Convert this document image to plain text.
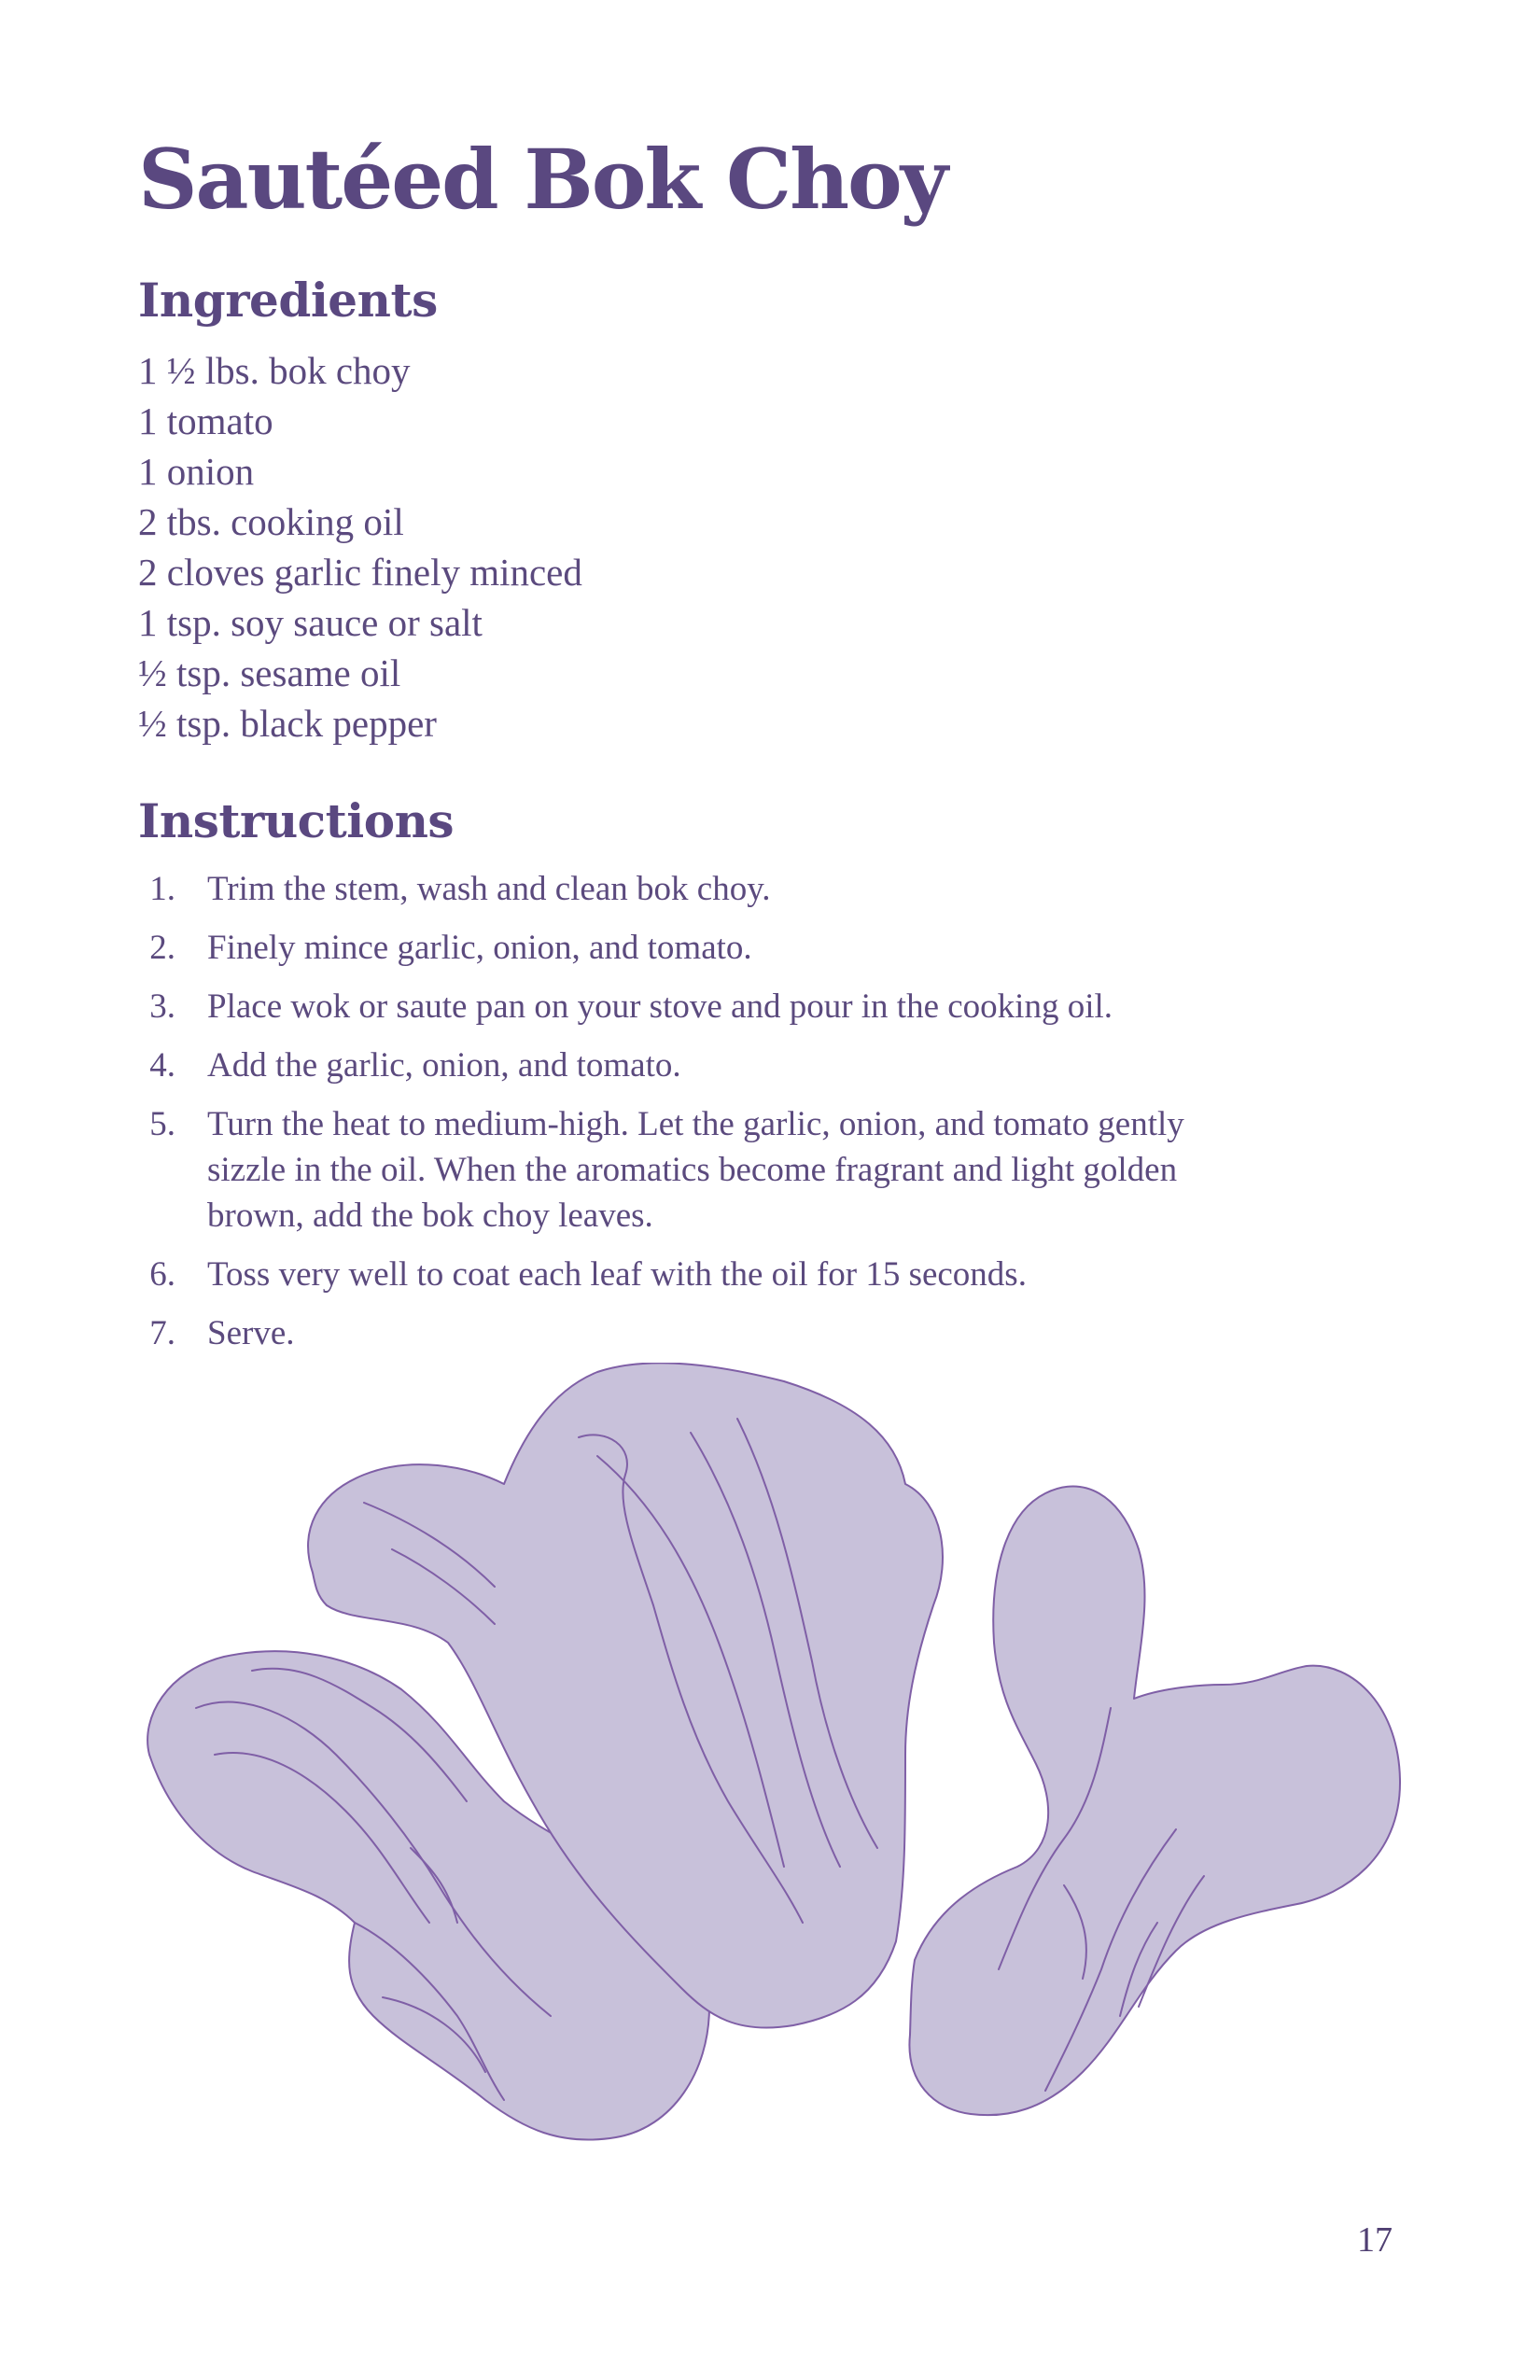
Sautéed Bok Choy
Ingredients
1 ½ lbs. bok choy
1 tomato
1 onion
2 tbs. cooking oil
2 cloves garlic finely minced
1 tsp. soy sauce or salt
½ tsp. sesame oil
½ tsp. black pepper
Instructions
1. Trim the stem, wash and clean bok choy.
2. Finely mince garlic, onion, and tomato.
3. Place wok or saute pan on your stove and pour in the cooking oil.
4. Add the garlic, onion, and tomato.
5. Turn the heat to medium-high. Let the garlic, onion, and tomato gently sizzle in the oil. When the aromatics become fragrant and light golden brown, add the bok choy leaves.
6. Toss very well to coat each leaf with the oil for 15 seconds.
7. Serve.
17
